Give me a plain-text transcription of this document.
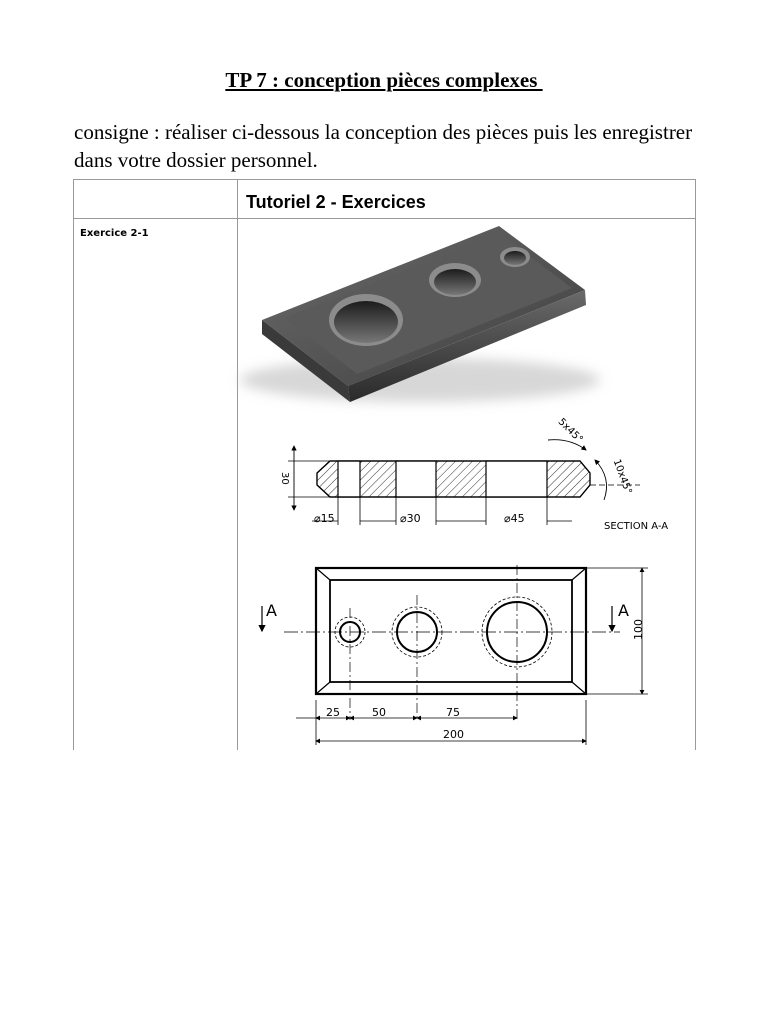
TP 7 : conception pièces complexes
consigne : réaliser ci-dessous la conception des pièces puis les enregistrer dans votre dossier personnel.
Tutoriel 2 - Exercices
Exercice 2-1
30
⌀15	⌀30	⌀45
5x45°
10x45°
SECTION A-A
A	A
25	50	75
200
100
